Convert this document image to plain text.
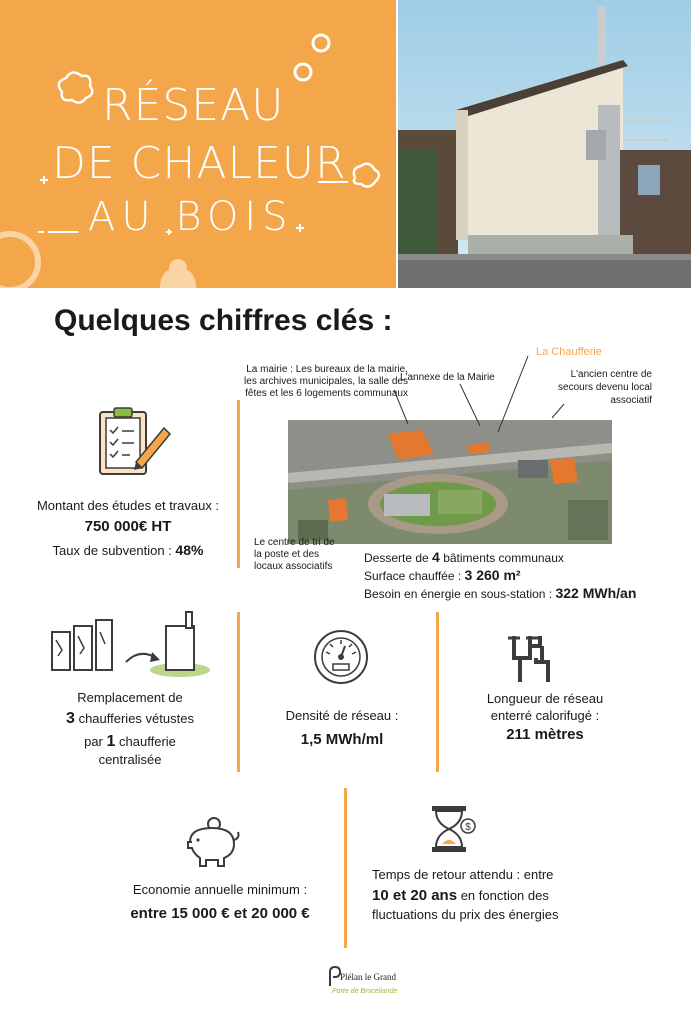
RÉSEAU
DE CHALEUR
AU BOIS
Quelques chiffres clés :
Montant des études et travaux :
750 000€ HT
Taux de subvention : 48%
La mairie : Les bureaux de la mairie, les archives municipales, la salle des fêtes et les 6 logements communaux
L'annexe de la Mairie
La Chaufferie
L'ancien centre de secours devenu local associatif
Le centre de tri de la poste et des locaux associatifs
Desserte de 4 bâtiments communaux
Surface chauffée : 3 260 m²
Besoin en énergie en sous-station : 322 MWh/an
Remplacement de
3 chaufferies vétustes
par 1 chaufferie
centralisée
Densité de réseau :
1,5 MWh/ml
Longueur de réseau
enterré calorifugé :
211 mètres
Economie annuelle minimum :
entre 15 000 € et 20 000 €
$
Temps de retour attendu : entre
10 et 20 ans en fonction des
fluctuations du prix des énergies
Plélan le Grand
Porte de Brocéliande
